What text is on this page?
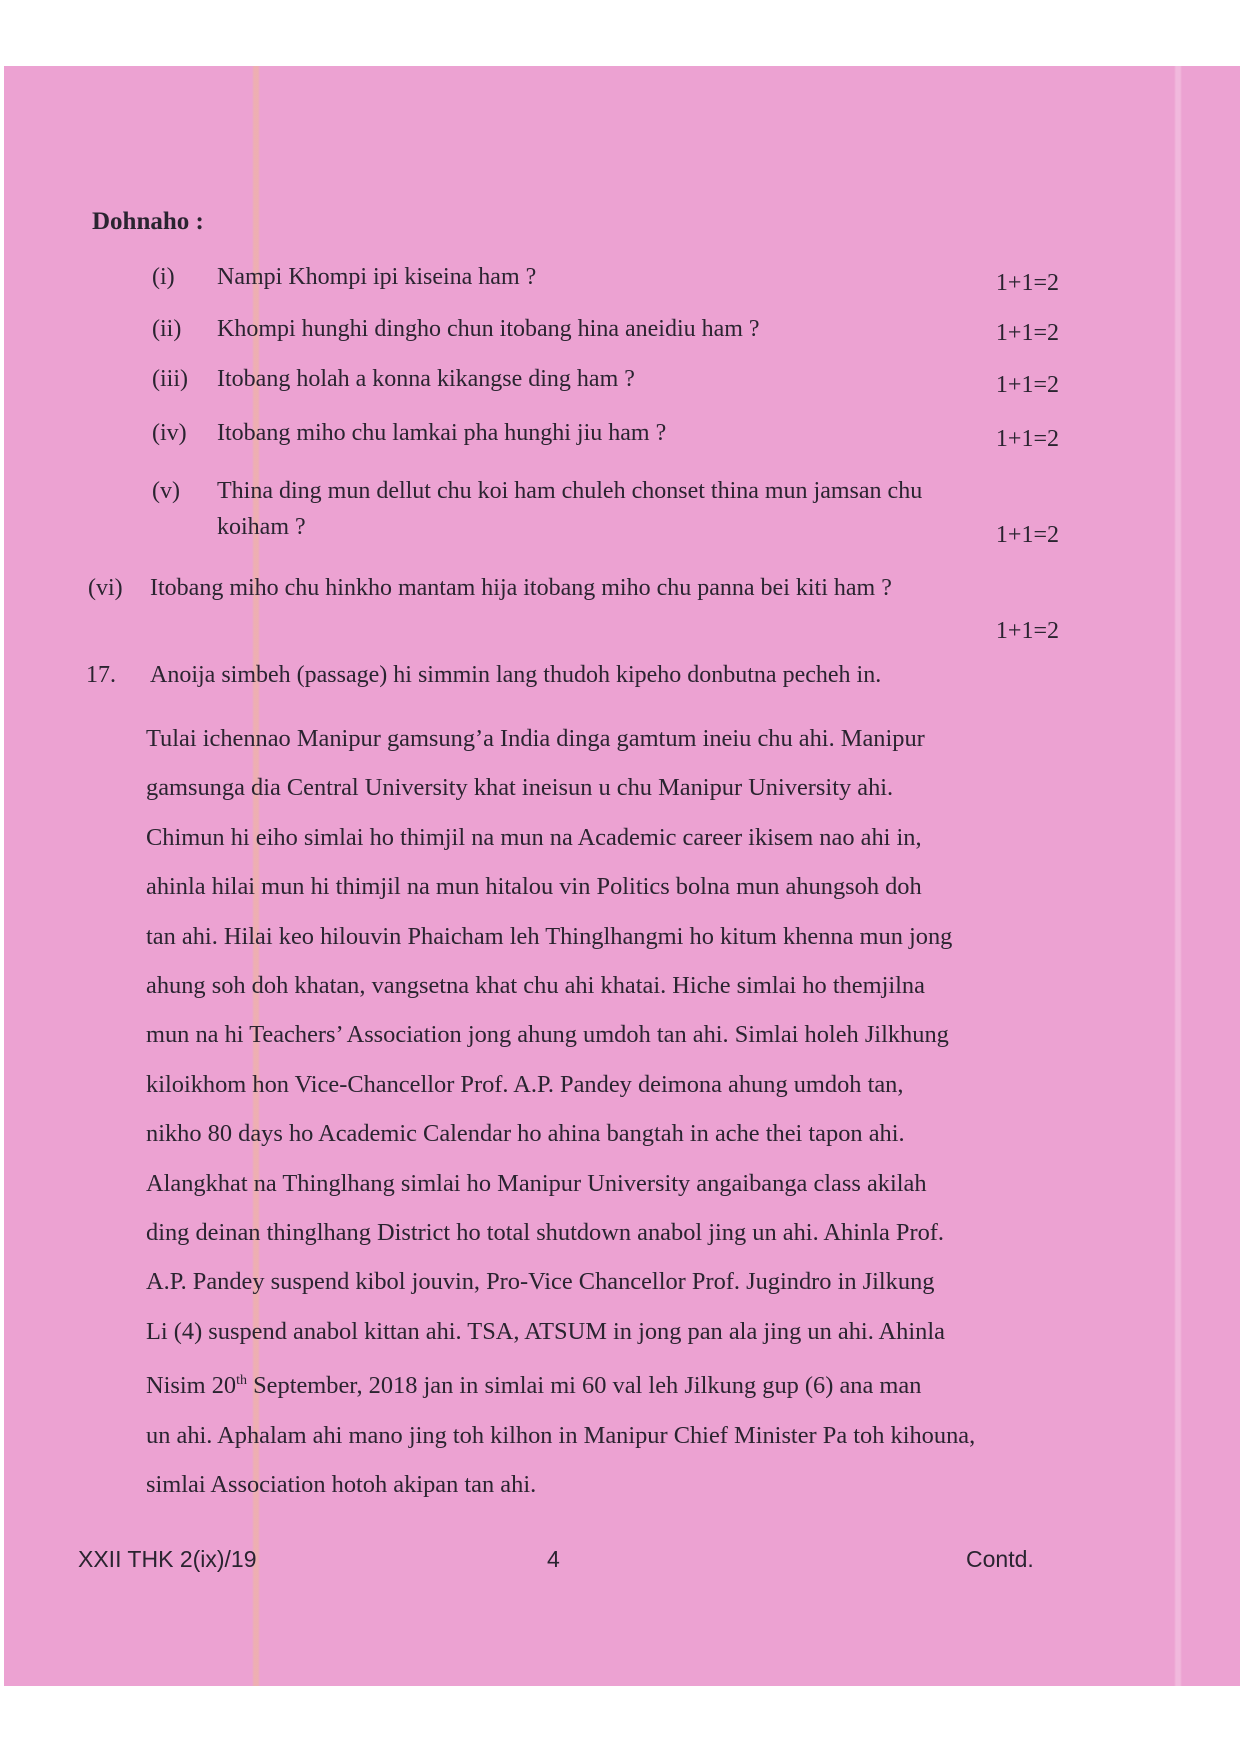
Dohnaho :
(i) Nampi Khompi ipi kiseina ham ?	1+1=2
(ii) Khompi hunghi dingho chun itobang hina aneidiu ham ?	1+1=2
(iii) Itobang holah a konna kikangse ding ham ?	1+1=2
(iv) Itobang miho chu lamkai pha hunghi jiu ham ?	1+1=2
(v) Thina ding mun dellut chu koi ham chuleh chonset thina mun jamsan chu
koiham ?	1+1=2
(vi) Itobang miho chu hinkho mantam hija itobang miho chu panna bei kiti ham ?
1+1=2
17. Anoija simbeh (passage) hi simmin lang thudoh kipeho donbutna pecheh in.
Tulai ichennao Manipur gamsung’a India dinga gamtum ineiu chu ahi. Manipur
gamsunga dia Central University khat ineisun u chu Manipur University ahi.
Chimun hi eiho simlai ho thimjil na mun na Academic career ikisem nao ahi in,
ahinla hilai mun hi thimjil na mun hitalou vin Politics bolna mun ahungsoh doh
tan ahi. Hilai keo hilouvin Phaicham leh Thinglhangmi ho kitum khenna mun jong
ahung soh doh khatan, vangsetna khat chu ahi khatai. Hiche simlai ho themjilna
mun na hi Teachers’ Association jong ahung umdoh tan ahi. Simlai holeh Jilkhung
kiloikhom hon Vice-Chancellor Prof. A.P. Pandey deimona ahung umdoh tan,
nikho 80 days ho Academic Calendar ho ahina bangtah in ache thei tapon ahi.
Alangkhat na Thinglhang simlai ho Manipur University angaibanga class akilah
ding deinan thinglhang District ho total shutdown anabol jing un ahi. Ahinla Prof.
A.P. Pandey suspend kibol jouvin, Pro-Vice Chancellor Prof. Jugindro in Jilkung
Li (4) suspend anabol kittan ahi. TSA, ATSUM in jong pan ala jing un ahi. Ahinla
Nisim 20th September, 2018 jan in simlai mi 60 val leh Jilkung gup (6) ana man
un ahi. Aphalam ahi mano jing toh kilhon in Manipur Chief Minister Pa toh kihouna,
simlai Association hotoh akipan tan ahi.
XXII THK 2(ix)/19	4	Contd.
